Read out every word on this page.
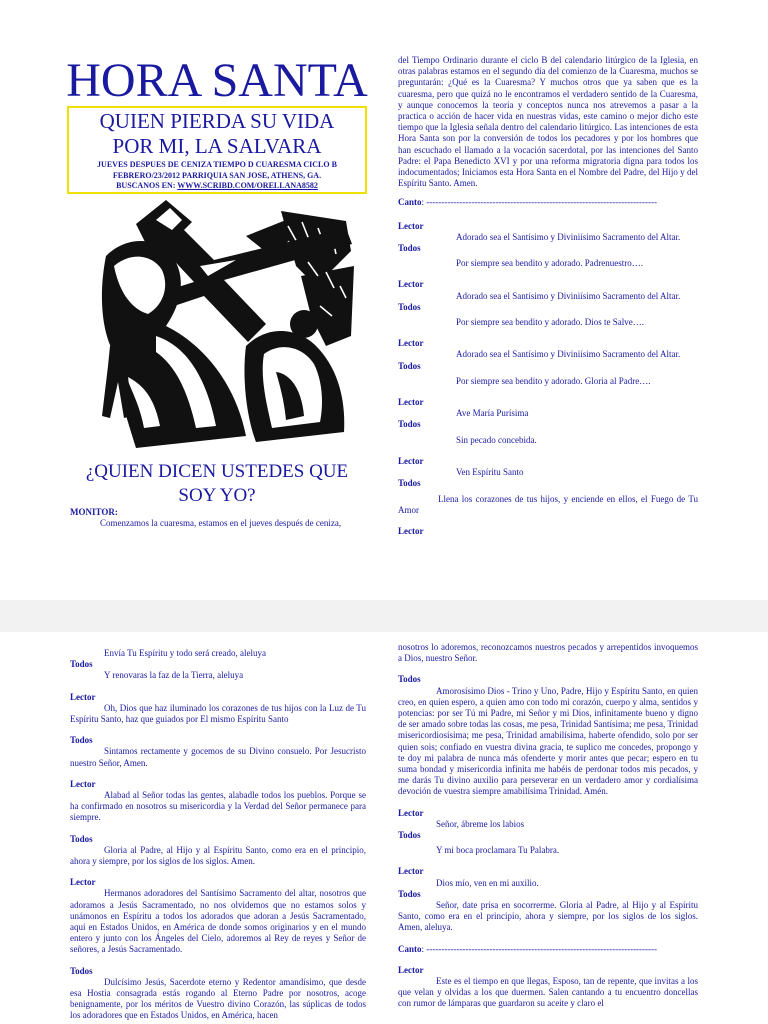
HORA SANTA
QUIEN PIERDA SU VIDA
POR MI, LA SALVARA
JUEVES DESPUES DE CENIZA TIEMPO D CUARESMA CICLO B
FEBRERO/23/2012 PARRIQUIA SAN JOSE, ATHENS, GA.
BUSCANOS EN: WWW.SCRIBD.COM/ORELLANA8582
¿QUIEN DICEN USTEDES QUE
SOY YO?

MONITOR:

Comenzamos la cuaresma, estamos en el jueves después de ceniza,

del Tiempo Ordinario durante el ciclo B del calendario litúrgico de la Iglesia, en otras palabras estamos en el segundo día del comienzo de la Cuaresma, muchos se preguntarán: ¿Qué es la Cuaresma? Y muchos otros que ya saben que es la cuaresma, pero que quizá no le encontramos el verdadero sentido de la Cuaresma, y aunque conocemos la teoría y conceptos nunca nos atrevemos a pasar a la practica o acción de hacer vida en nuestras vidas, este camino o mejor dicho este tiempo que la Iglesia señala dentro del calendario litúrgico. Las intenciones de esta Hora Santa son por la conversión de todos los pecadores y por los hombres que han escuchado el llamado a la vocación sacerdotal, por las intenciones del Santo Padre: el Papa Benedicto XVI y por una reforma migratoria digna para todos los indocumentados; Iniciamos esta Hora Santa en el Nombre del Padre, del Hijo y del Espíritu Santo. Amen.

Canto: -----------------------------------------------------------------------------

Lector

Adorado sea el Santísimo y Diviniísimo Sacramento del Altar.

Todos

Por siempre sea bendito y adorado. Padrenuestro….

Lector

Adorado sea el Santísimo y Diviniísimo Sacramento del Altar.

Todos

Por siempre sea bendito y adorado. Dios te Salve….

Lector

Adorado sea el Santísimo y Diviniísimo Sacramento del Altar.

Todos

Por siempre sea bendito y adorado. Gloria al Padre….

Lector

Ave María Purísima

Todos

Sin pecado concebida.

Lector

Ven Espíritu Santo

Todos

Llena los corazones de tus hijos, y enciende en ellos, el Fuego de Tu Amor

Lector

Envía Tu Espíritu y todo será creado, aleluya

Todos

Y renovaras la faz de la Tierra, aleluya

Lector

Oh, Dios que haz iluminado los corazones de tus hijos con la Luz de Tu Espíritu Santo, haz que guiados por El mismo Espíritu Santo

Todos

Sintamos rectamente y gocemos de su Divino consuelo. Por Jesucristo nuestro Señor, Amen.

Lector

Alabad al Señor todas las gentes, alabadle todos los pueblos. Porque se ha confirmado en nosotros su misericordia y la Verdad del Señor permanece para siempre.

Todos

Gloria al Padre, al Hijo y al Espíritu Santo, como era en el principio, ahora y siempre, por los siglos de los siglos. Amen.

Lector

Hermanos adoradores del Santísimo Sacramento del altar, nosotros que adoramos a Jesús Sacramentado, no nos olvidemos que no estamos solos y unámonos en Espíritu a todos los adorados que adoran a Jesús Sacramentado, aquí en Estados Unidos, en América de donde somos originarios y en el mundo entero y junto con los Ángeles del Cielo, adoremos al Rey de reyes y Señor de señores, a Jesús Sacramentado.

Todos

Dulcísimo Jesús, Sacerdote eterno y Redentor amandísimo, que desde esa Hostia consagrada estás rogando al Eterno Padre por nosotros, acoge benignamente, por los méritos de Vuestro divino Corazón, las súplicas de todos los adoradores que en Estados Unidos, en América, hacen

nosotros lo adoremos, reconozcamos nuestros pecados y arrepentidos invoquemos a Dios, nuestro Señor.

Todos

Amorosísimo Dios - Trino y Uno, Padre, Hijo y Espíritu Santo, en quien creo, en quien espero, a quien amo con todo mi corazón, cuerpo y alma, sentidos y potencias: por ser Tú mi Padre, mi Señor y mi Dios, infinitamente bueno y digno de ser amado sobre todas las cosas, me pesa, Trinidad Santísima; me pesa, Trinidad misericordiosísima; me pesa, Trinidad amabilísima, haberte ofendido, solo por ser quien sois; confiado en vuestra divina gracia, te suplico me concedes, propongo y te doy mi palabra de nunca más ofenderte y morir antes que pecar; espero en tu suma bondad y misericordia infinita me habéis de perdonar todos mis pecados, y me darás Tu divino auxilio para perseverar en un verdadero amor y cordialísima devoción de vuestra siempre amabilísima Trinidad. Amén.

Lector

Señor, ábreme los labios

Todos

Y mi boca proclamara Tu Palabra.

Lector

Dios mío, ven en mi auxilio.

Todos

Señor, date prisa en socorrerme. Gloria al Padre, al Hijo y al Espíritu Santo, como era en el principio, ahora y siempre, por los siglos de los siglos. Amen, aleluya.

Canto: -----------------------------------------------------------------------------

Lector

Este es el tiempo en que llegas, Esposo, tan de repente, que invitas a los que velan y olvidas a los que duermen. Salen cantando a tu encuentro doncellas con rumor de lámparas que guardaron su aceite y claro el
